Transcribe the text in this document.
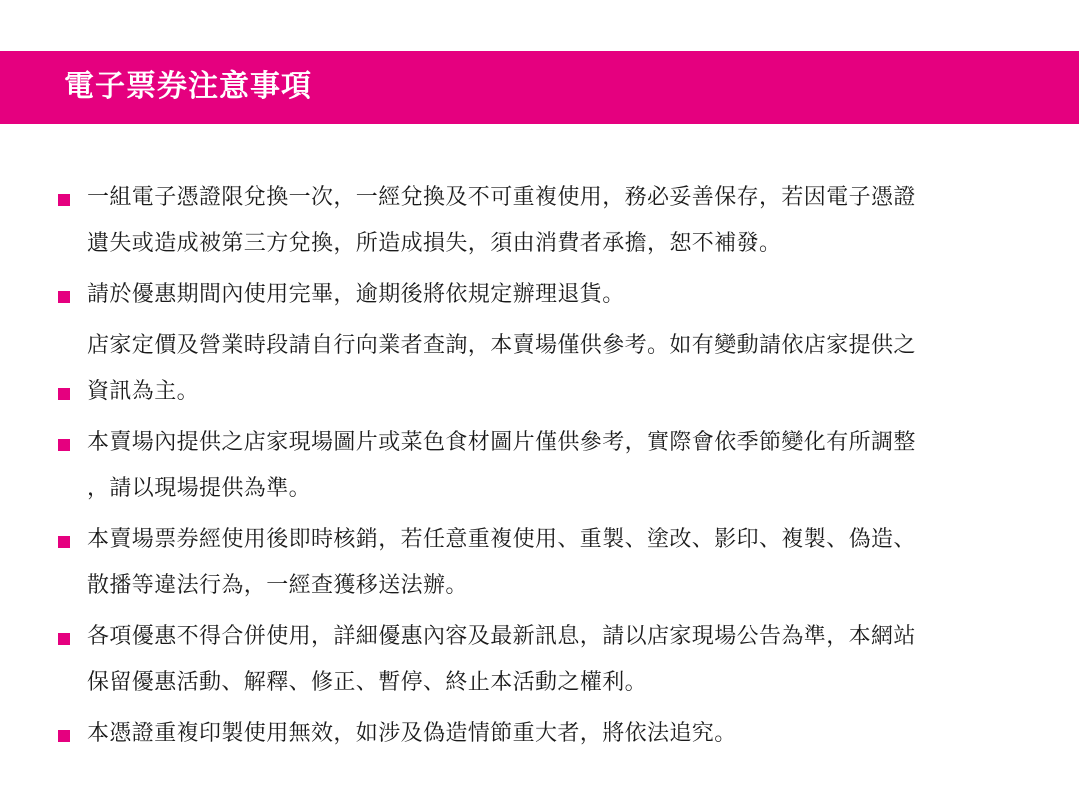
電子票券注意事項
一組電子憑證限兌換一次，一經兌換及不可重複使用，務必妥善保存，若因電子憑證
遺失或造成被第三方兌換，所造成損失，須由消費者承擔，恕不補發。
請於優惠期間內使用完畢，逾期後將依規定辦理退貨。
店家定價及營業時段請自行向業者查詢，本賣場僅供參考。如有變動請依店家提供之
資訊為主。
本賣場內提供之店家現場圖片或菜色食材圖片僅供參考，實際會依季節變化有所調整
，請以現場提供為準。
本賣場票券經使用後即時核銷，若任意重複使用、重製、塗改、影印、複製、偽造、
散播等違法行為，一經查獲移送法辦。
各項優惠不得合併使用，詳細優惠內容及最新訊息，請以店家現場公告為準，本網站
保留優惠活動、解釋、修正、暫停、終止本活動之權利。
本憑證重複印製使用無效，如涉及偽造情節重大者，將依法追究。
